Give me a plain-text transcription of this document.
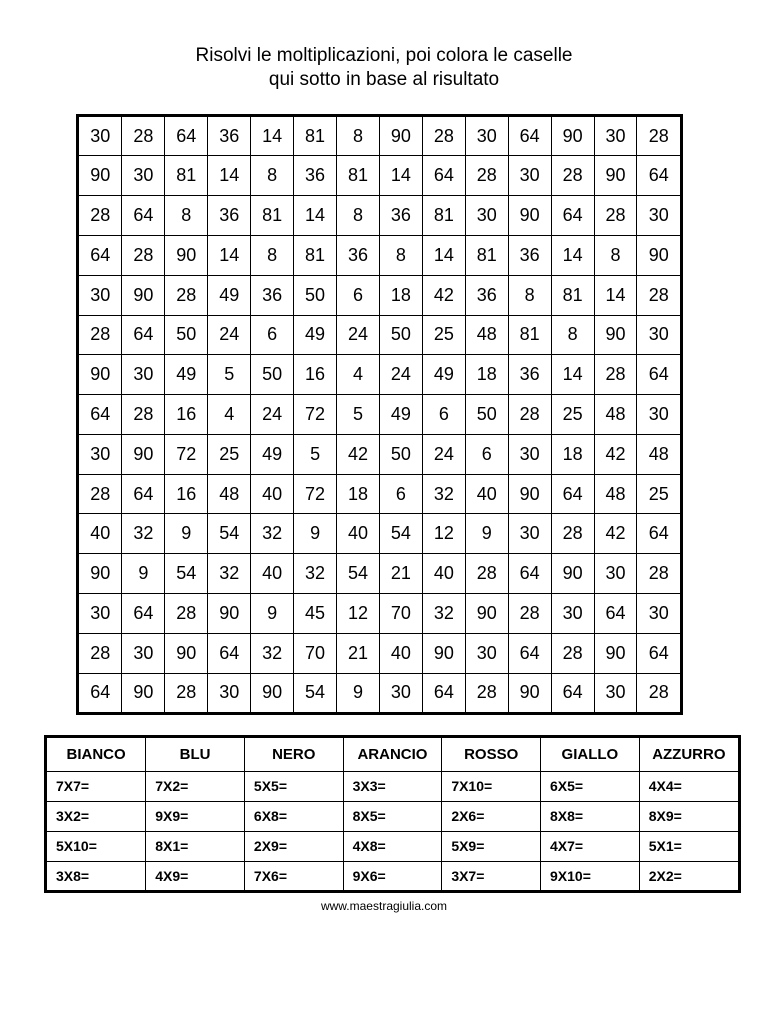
Risolvi le moltiplicazioni, poi colora le caselle
qui sotto in base al risultato
30	28	64	36	14	81	8	90	28	30	64	90	30	28
90	30	81	14	8	36	81	14	64	28	30	28	90	64
28	64	8	36	81	14	8	36	81	30	90	64	28	30
64	28	90	14	8	81	36	8	14	81	36	14	8	90
30	90	28	49	36	50	6	18	42	36	8	81	14	28
28	64	50	24	6	49	24	50	25	48	81	8	90	30
90	30	49	5	50	16	4	24	49	18	36	14	28	64
64	28	16	4	24	72	5	49	6	50	28	25	48	30
30	90	72	25	49	5	42	50	24	6	30	18	42	48
28	64	16	48	40	72	18	6	32	40	90	64	48	25
40	32	9	54	32	9	40	54	12	9	30	28	42	64
90	9	54	32	40	32	54	21	40	28	64	90	30	28
30	64	28	90	9	45	12	70	32	90	28	30	64	30
28	30	90	64	32	70	21	40	90	30	64	28	90	64
64	90	28	30	90	54	9	30	64	28	90	64	30	28
BIANCO	BLU	NERO	ARANCIO	ROSSO	GIALLO	AZZURRO
7X7=	7X2=	5X5=	3X3=	7X10=	6X5=	4X4=
3X2=	9X9=	6X8=	8X5=	2X6=	8X8=	8X9=
5X10=	8X1=	2X9=	4X8=	5X9=	4X7=	5X1=
3X8=	4X9=	7X6=	9X6=	3X7=	9X10=	2X2=
www.maestragiulia.com
